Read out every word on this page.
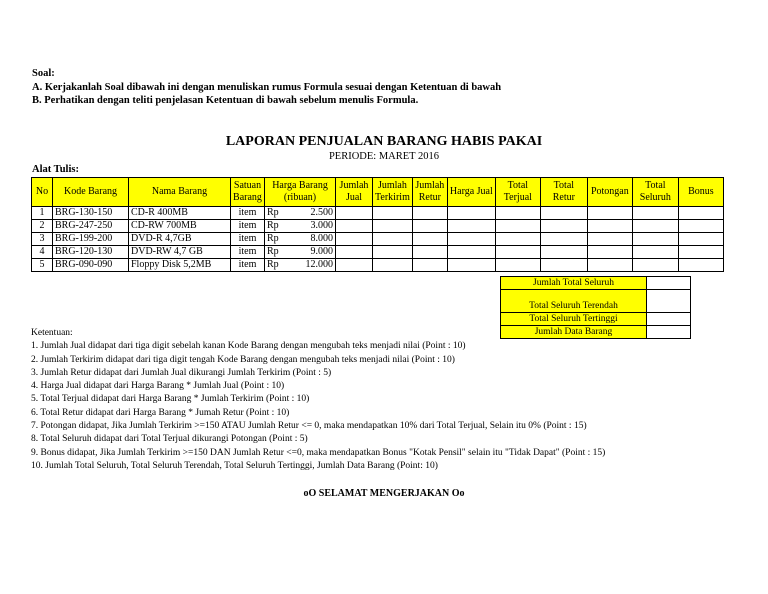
Soal:
A. Kerjakanlah Soal dibawah ini dengan menuliskan rumus Formula sesuai dengan Ketentuan di bawah
B. Perhatikan dengan teliti penjelasan Ketentuan di bawah sebelum menulis Formula.
LAPORAN PENJUALAN BARANG HABIS PAKAI
PERIODE: MARET 2016
Alat Tulis:
No	Kode Barang	Nama Barang	Satuan Barang	Harga Barang (ribuan)		Jumlah Jual	Jumlah Terkirim	Jumlah Retur	Harga Jual	Total Terjual	Total Retur	Potongan	Total Seluruh	Bonus
1	BRG-130-150	CD-R 400MB	item	Rp	2.500									
2	BRG-247-250	CD-RW 700MB	item	Rp	3.000									
3	BRG-199-200	DVD-R 4,7GB	item	Rp	8.000									
4	BRG-120-130	DVD-RW 4,7 GB	item	Rp	9.000									
5	BRG-090-090	Floppy Disk 5,2MB	item	Rp	12.000									
Jumlah Total Seluruh	
Total Seluruh Terendah	
Total Seluruh Tertinggi	
Jumlah Data Barang	
Ketentuan:
1. Jumlah Jual didapat dari tiga digit sebelah kanan Kode Barang dengan mengubah teks menjadi nilai (Point : 10)
2. Jumlah Terkirim didapat dari tiga digit tengah Kode Barang dengan mengubah teks menjadi nilai (Point : 10)
3. Jumlah Retur didapat dari Jumlah Jual dikurangi Jumlah Terkirim (Point : 5)
4. Harga Jual didapat dari Harga Barang * Jumlah Jual (Point : 10)
5. Total Terjual didapat dari Harga Barang * Jumlah Terkirim (Point : 10)
6. Total Retur didapat dari Harga Barang * Jumah Retur (Point : 10)
7. Potongan didapat, Jika Jumlah Terkirim >=150 ATAU Jumlah Retur <= 0, maka mendapatkan 10% dari Total Terjual, Selain itu 0% (Point : 15)
8. Total Seluruh didapat dari Total Terjual dikurangi Potongan (Point : 5)
9. Bonus didapat, Jika Jumlah Terkirim >=150 DAN Jumlah Retur <=0, maka mendapatkan Bonus "Kotak Pensil" selain itu "Tidak Dapat" (Point : 15)
10. Jumlah Total Seluruh, Total Seluruh Terendah, Total Seluruh Tertinggi, Jumlah Data Barang (Point: 10)
oO SELAMAT MENGERJAKAN Oo
